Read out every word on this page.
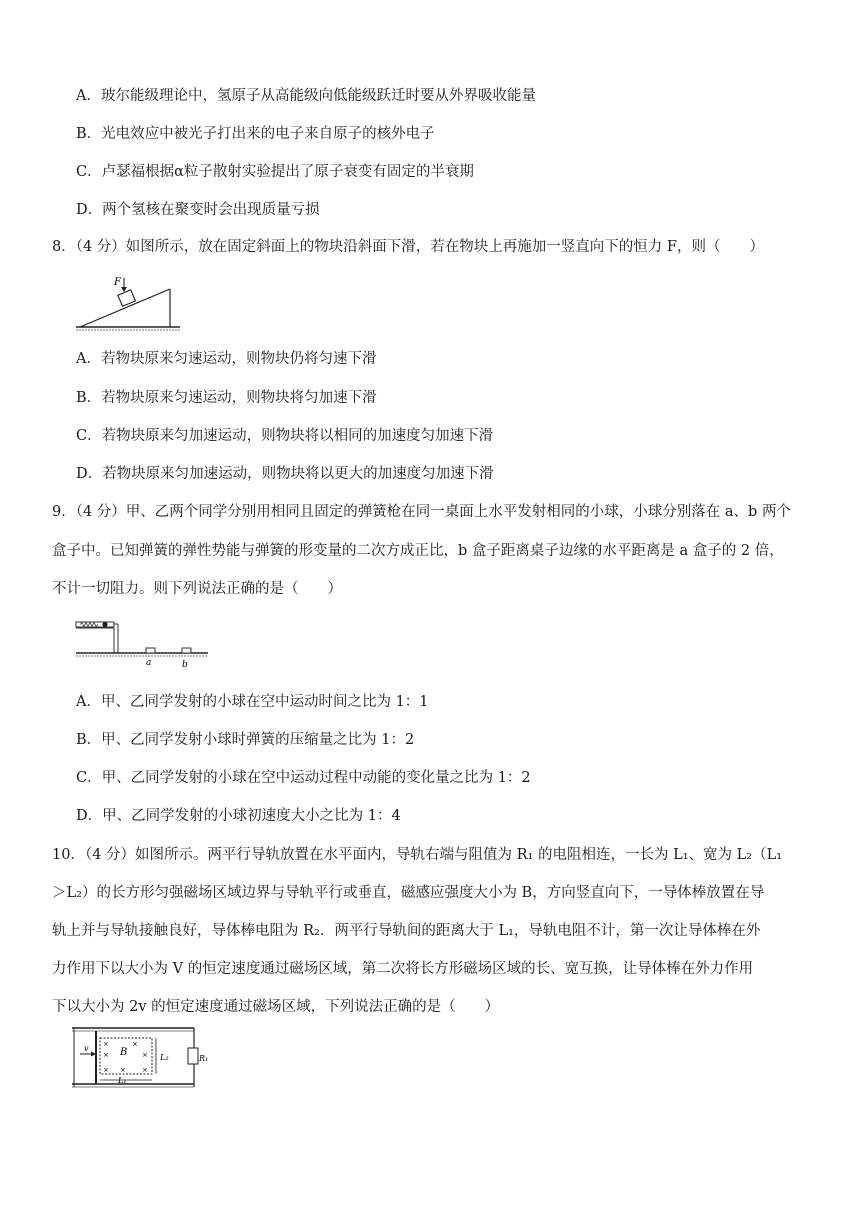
A．玻尔能级理论中，氢原子从高能级向低能级跃迁时要从外界吸收能量
B．光电效应中被光子打出来的电子来自原子的核外电子
C．卢瑟福根据α粒子散射实验提出了原子衰变有固定的半衰期
D．两个氢核在聚变时会出现质量亏损
8．（4 分）如图所示，放在固定斜面上的物块沿斜面下滑，若在物块上再施加一竖直向下的恒力 F，则（　　）
F
A．若物块原来匀速运动，则物块仍将匀速下滑
B．若物块原来匀速运动，则物块将匀加速下滑
C．若物块原来匀加速运动，则物块将以相同的加速度匀加速下滑
D．若物块原来匀加速运动，则物块将以更大的加速度匀加速下滑
9．（4 分）甲、乙两个同学分别用相同且固定的弹簧枪在同一桌面上水平发射相同的小球，小球分别落在 a、b 两个
盒子中。已知弹簧的弹性势能与弹簧的形变量的二次方成正比，b 盒子距离桌子边缘的水平距离是 a 盒子的 2 倍，
不计一切阻力。则下列说法正确的是（　　）
a	b
A．甲、乙同学发射的小球在空中运动时间之比为 1：1
B．甲、乙同学发射小球时弹簧的压缩量之比为 1：2
C．甲、乙同学发射的小球在空中运动过程中动能的变化量之比为 1：2
D．甲、乙同学发射的小球初速度大小之比为 1：4
10．（4 分）如图所示。两平行导轨放置在水平面内，导轨右端与阻值为 R₁ 的电阻相连，一长为 L₁、宽为 L₂（L₁
＞L₂）的长方形匀强磁场区域边界与导轨平行或垂直，磁感应强度大小为 B，方向竖直向下，一导体棒放置在导
轨上并与导轨接触良好，导体棒电阻为 R₂．两平行导轨间的距离大于 L₁，导轨电阻不计，第一次让导体棒在外
力作用下以大小为 V 的恒定速度通过磁场区域，第二次将长方形磁场区域的长、宽互换，让导体棒在外力作用
下以大小为 2v 的恒定速度通过磁场区域，下列说法正确的是（　　）
R₁
v ×	×
×	×
× × ×
B	L₂
L₁
